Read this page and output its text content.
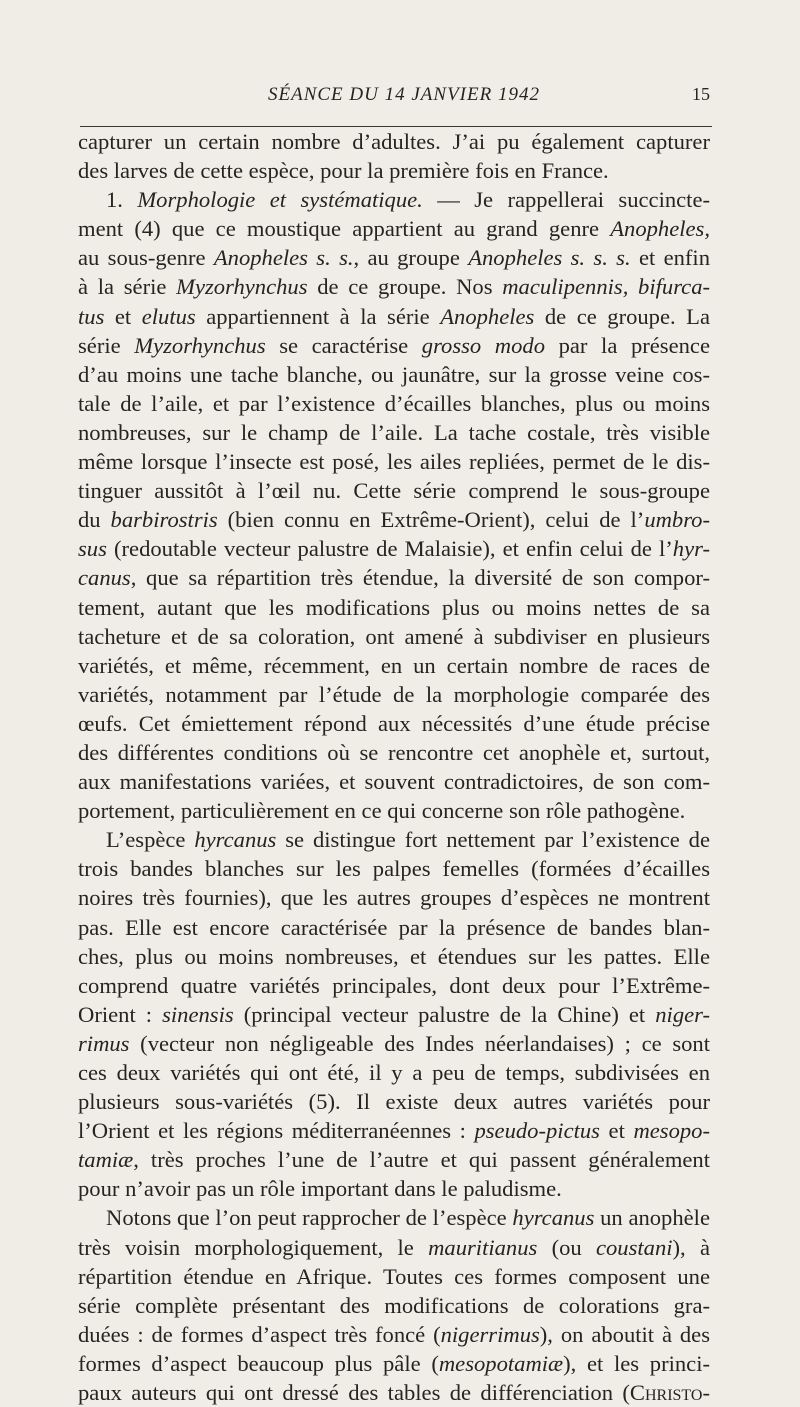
SÉANCE DU 14 JANVIER 1942	15
capturer un certain nombre d’adultes. J’ai pu également capturer
des larves de cette espèce, pour la première fois en France.
1. Morphologie et systématique. — Je rappellerai succincte-
ment (4) que ce moustique appartient au grand genre Anopheles,
au sous-genre Anopheles s. s., au groupe Anopheles s. s. s. et enfin
à la série Myzorhynchus de ce groupe. Nos maculipennis, bifurca-
tus et elutus appartiennent à la série Anopheles de ce groupe. La
série Myzorhynchus se caractérise grosso modo par la présence
d’au moins une tache blanche, ou jaunâtre, sur la grosse veine cos-
tale de l’aile, et par l’existence d’écailles blanches, plus ou moins
nombreuses, sur le champ de l’aile. La tache costale, très visible
même lorsque l’insecte est posé, les ailes repliées, permet de le dis-
tinguer aussitôt à l’œil nu. Cette série comprend le sous-groupe
du barbirostris (bien connu en Extrême-Orient), celui de l’umbro-
sus (redoutable vecteur palustre de Malaisie), et enfin celui de l’hyr-
canus, que sa répartition très étendue, la diversité de son compor-
tement, autant que les modifications plus ou moins nettes de sa
tacheture et de sa coloration, ont amené à subdiviser en plusieurs
variétés, et même, récemment, en un certain nombre de races de
variétés, notamment par l’étude de la morphologie comparée des
œufs. Cet émiettement répond aux nécessités d’une étude précise
des différentes conditions où se rencontre cet anophèle et, surtout,
aux manifestations variées, et souvent contradictoires, de son com-
portement, particulièrement en ce qui concerne son rôle pathogène.
L’espèce hyrcanus se distingue fort nettement par l’existence de
trois bandes blanches sur les palpes femelles (formées d’écailles
noires très fournies), que les autres groupes d’espèces ne montrent
pas. Elle est encore caractérisée par la présence de bandes blan-
ches, plus ou moins nombreuses, et étendues sur les pattes. Elle
comprend quatre variétés principales, dont deux pour l’Extrême-
Orient : sinensis (principal vecteur palustre de la Chine) et niger-
rimus (vecteur non négligeable des Indes néerlandaises) ; ce sont
ces deux variétés qui ont été, il y a peu de temps, subdivisées en
plusieurs sous-variétés (5). Il existe deux autres variétés pour
l’Orient et les régions méditerranéennes : pseudo-pictus et mesopo-
tamiæ, très proches l’une de l’autre et qui passent généralement
pour n’avoir pas un rôle important dans le paludisme.
Notons que l’on peut rapprocher de l’espèce hyrcanus un anophèle
très voisin morphologiquement, le mauritianus (ou coustani), à
répartition étendue en Afrique. Toutes ces formes composent une
série complète présentant des modifications de colorations gra-
duées : de formes d’aspect très foncé (nigerrimus), on aboutit à des
formes d’aspect beaucoup plus pâle (mesopotamiæ), et les princi-
paux auteurs qui ont dressé des tables de différenciation (Christo-
